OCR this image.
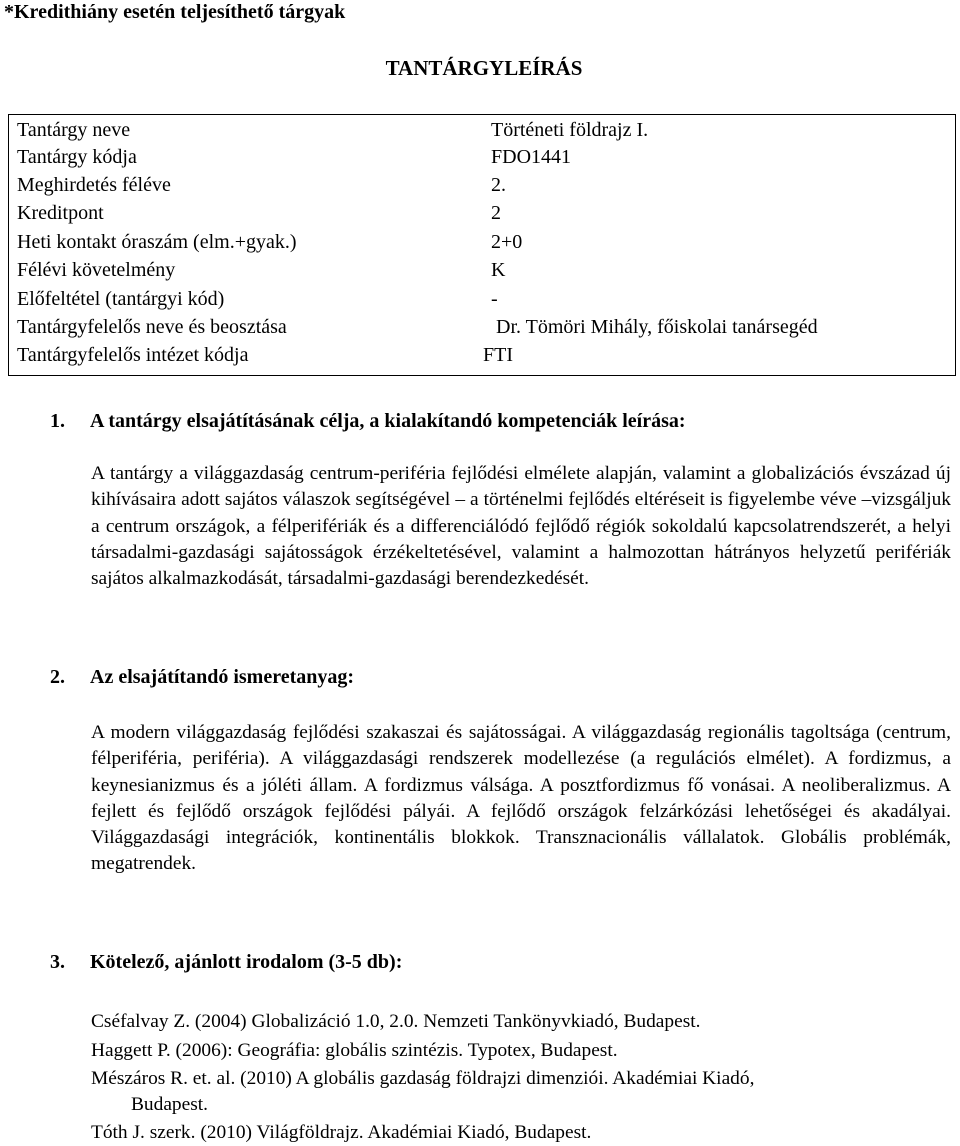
*Kredithiány esetén teljesíthető tárgyak
TANTÁRGYLEÍRÁS
Tantárgy neve	Történeti földrajz I.
Tantárgy kódja	FDO1441
Meghirdetés féléve	2.
Kreditpont	2
Heti kontakt óraszám (elm.+gyak.)	2+0
Félévi követelmény	K
Előfeltétel (tantárgyi kód)	-
Tantárgyfelelős neve és beosztása	Dr. Tömöri Mihály, főiskolai tanársegéd
Tantárgyfelelős intézet kódja	FTI
1. A tantárgy elsajátításának célja, a kialakítandó kompetenciák leírása:
A tantárgy a világgazdaság centrum-periféria fejlődési elmélete alapján, valamint a globalizációs évszázad új kihívásaira adott sajátos válaszok segítségével – a történelmi fejlődés eltéréseit is figyelembe véve –vizsgáljuk a centrum országok, a félperifériák és a differenciálódó fejlődő régiók sokoldalú kapcsolatrendszerét, a helyi társadalmi-gazdasági sajátosságok érzékeltetésével, valamint a halmozottan hátrányos helyzetű perifériák sajátos alkalmazkodását, társadalmi-gazdasági berendezkedését.
2. Az elsajátítandó ismeretanyag:
A modern világgazdaság fejlődési szakaszai és sajátosságai. A világgazdaság regionális tagoltsága (centrum, félperiféria, periféria). A világgazdasági rendszerek modellezése (a regulációs elmélet). A fordizmus, a keynesianizmus és a jóléti állam. A fordizmus válsága. A posztfordizmus fő vonásai. A neoliberalizmus. A fejlett és fejlődő országok fejlődési pályái. A fejlődő országok felzárkózási lehetőségei és akadályai. Világgazdasági integrációk, kontinentális blokkok. Transznacionális vállalatok. Globális problémák, megatrendek.
3. Kötelező, ajánlott irodalom (3-5 db):
Cséfalvay Z. (2004) Globalizáció 1.0, 2.0. Nemzeti Tankönyvkiadó, Budapest.
Haggett P. (2006): Geográfia: globális szintézis. Typotex, Budapest.
Mészáros R. et. al. (2010) A globális gazdaság földrajzi dimenziói. Akadémiai Kiadó,
Budapest.
Tóth J. szerk. (2010) Világföldrajz. Akadémiai Kiadó, Budapest.
